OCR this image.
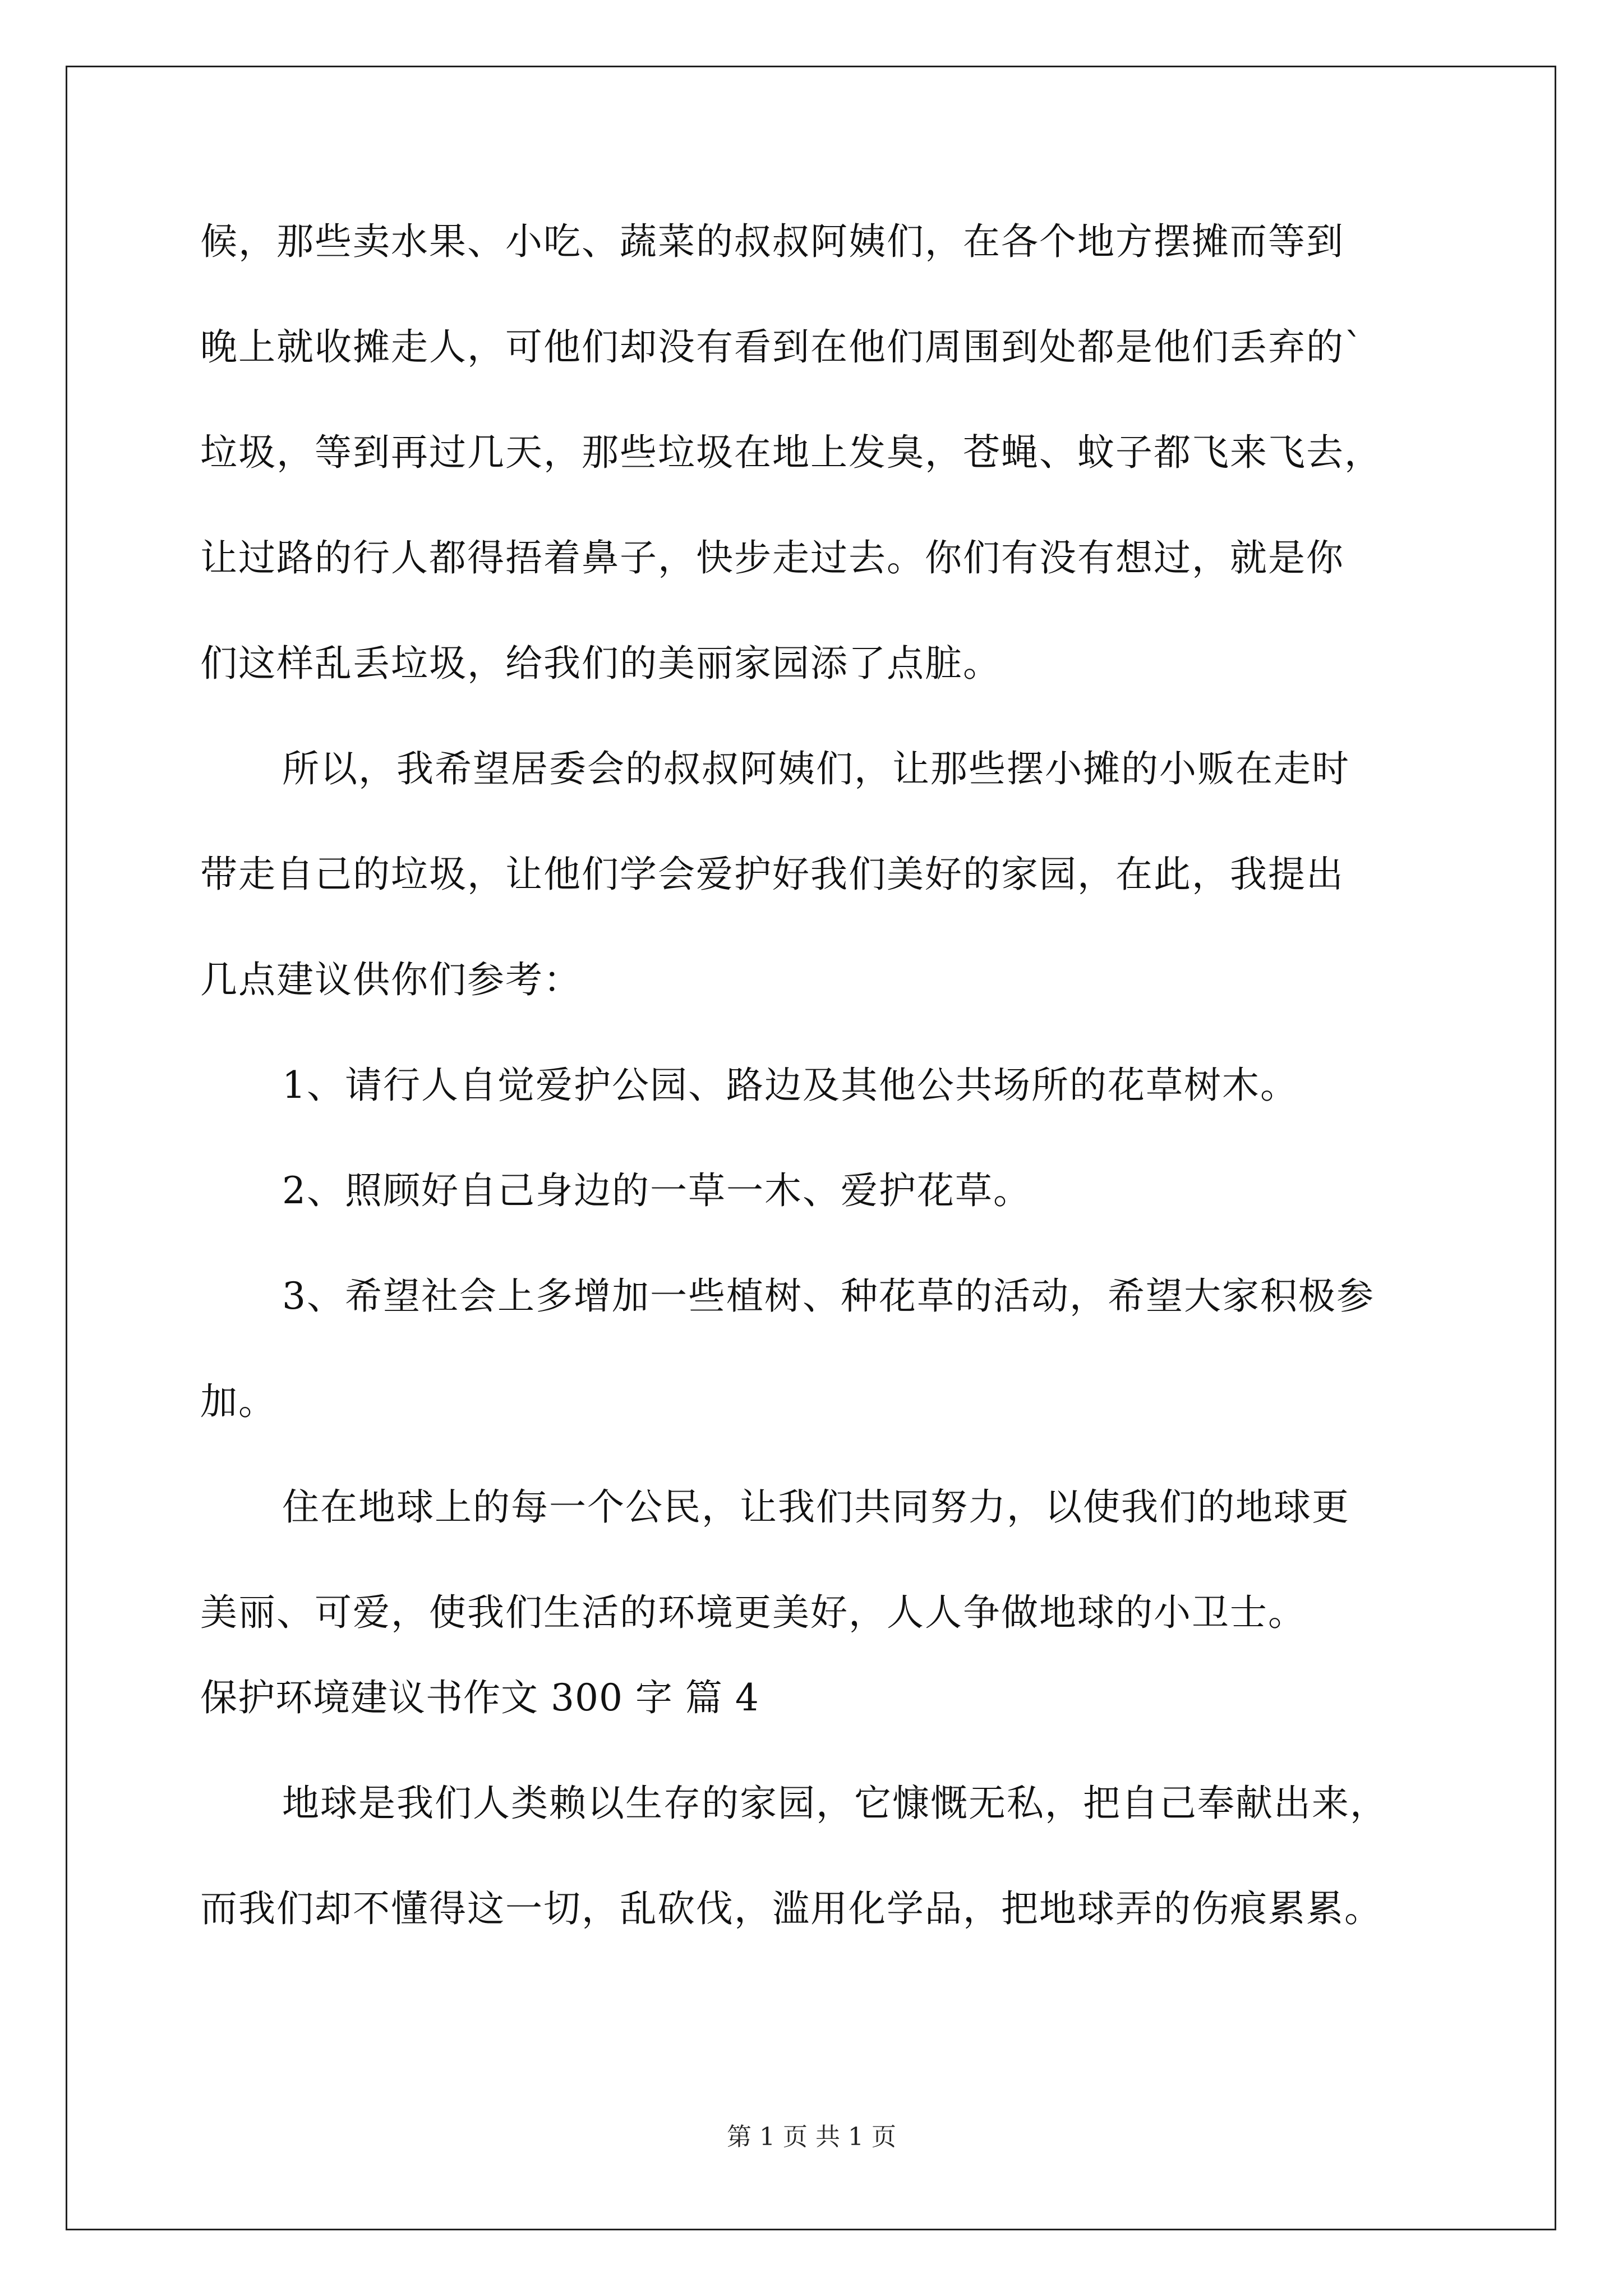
候，那些卖水果、小吃、蔬菜的叔叔阿姨们，在各个地方摆摊而等到
晚上就收摊走人，可他们却没有看到在他们周围到处都是他们丢弃的`
垃圾，等到再过几天，那些垃圾在地上发臭，苍蝇、蚊子都飞来飞去，
让过路的行人都得捂着鼻子，快步走过去。你们有没有想过，就是你
们这样乱丢垃圾，给我们的美丽家园添了点脏。
所以，我希望居委会的叔叔阿姨们，让那些摆小摊的小贩在走时
带走自己的垃圾，让他们学会爱护好我们美好的家园，在此，我提出
几点建议供你们参考：
1、请行人自觉爱护公园、路边及其他公共场所的花草树木。
2、照顾好自己身边的一草一木、爱护花草。
3、希望社会上多增加一些植树、种花草的活动，希望大家积极参
加。
住在地球上的每一个公民，让我们共同努力，以使我们的地球更
美丽、可爱，使我们生活的环境更美好，人人争做地球的小卫士。
保护环境建议书作文 300 字 篇 4
地球是我们人类赖以生存的家园，它慷慨无私，把自己奉献出来，
而我们却不懂得这一切，乱砍伐，滥用化学品，把地球弄的伤痕累累。
第 1 页 共 1 页
